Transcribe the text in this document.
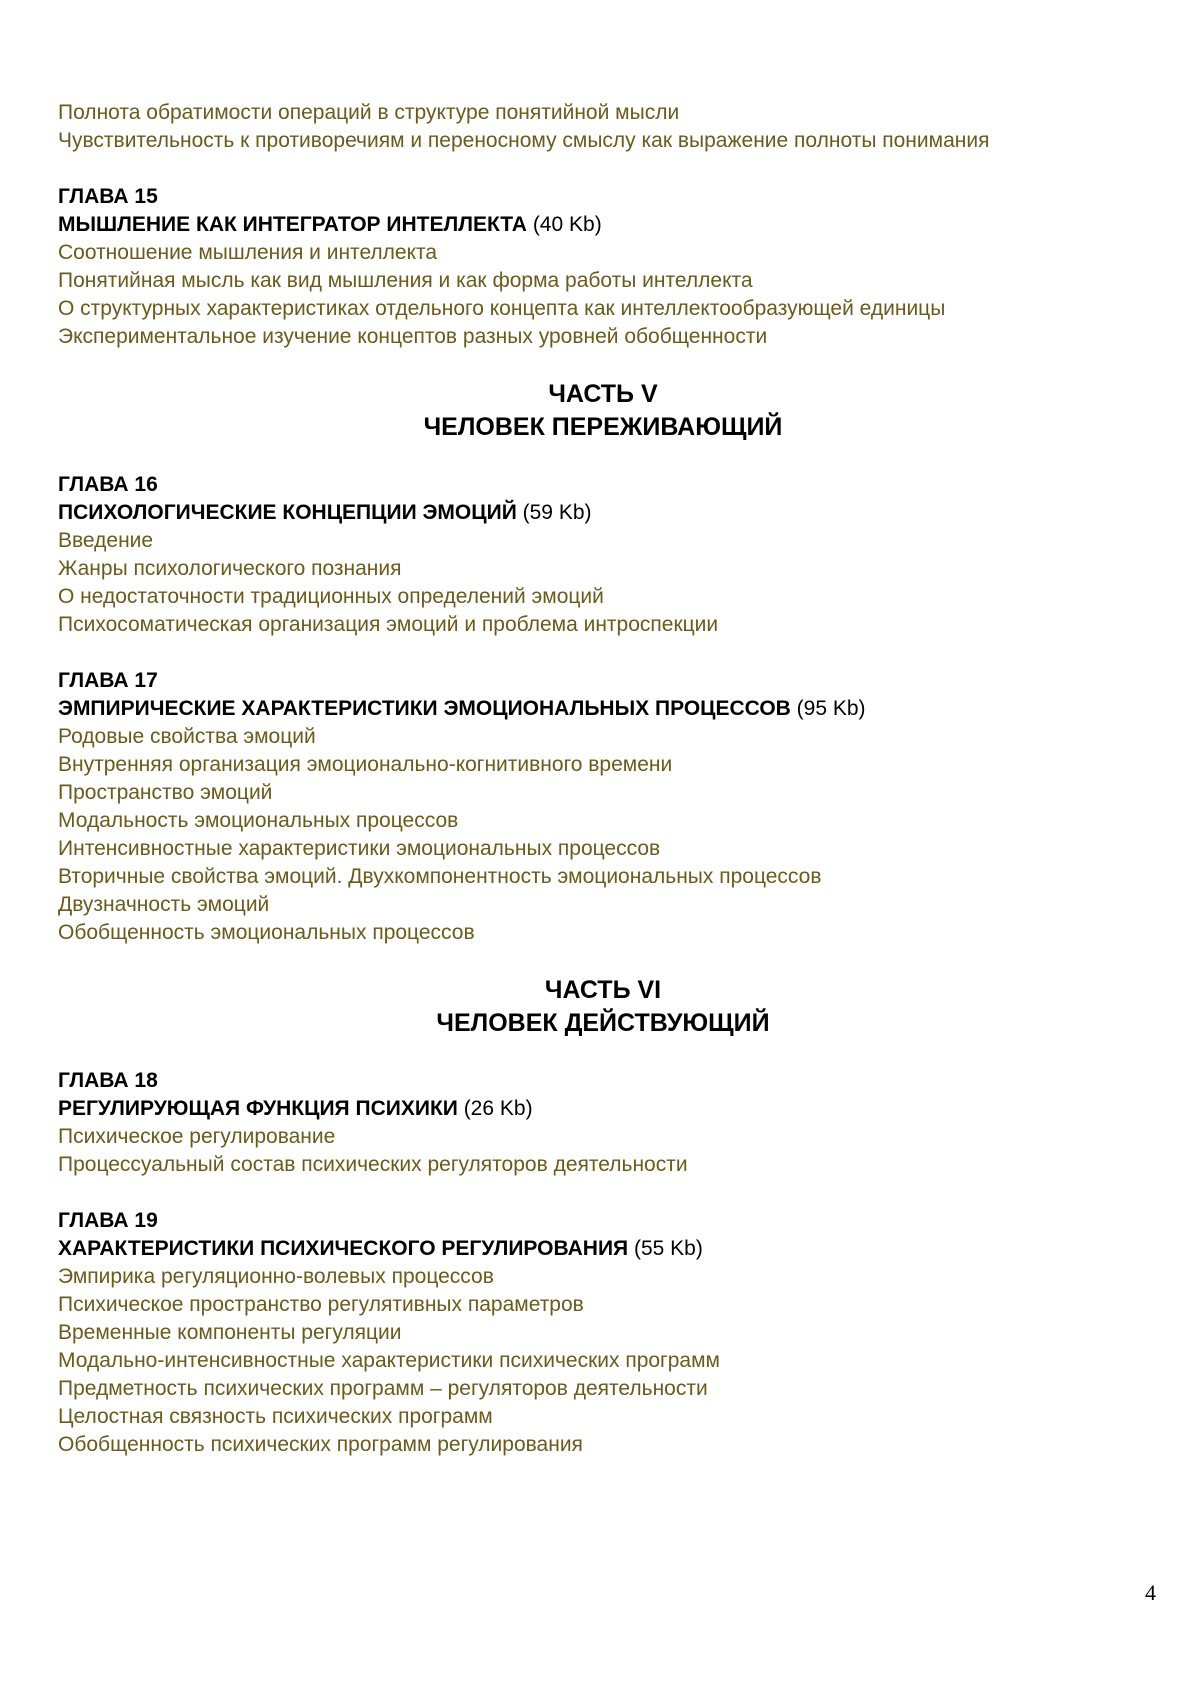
Полнота обратимости операций в структуре понятийной мысли
Чувствительность к противоречиям и переносному смыслу как выражение полноты понимания
ГЛАВА 15
МЫШЛЕНИЕ КАК ИНТЕГРАТОР ИНТЕЛЛЕКТА (40 Kb)
Соотношение мышления и интеллекта
Понятийная мысль как вид мышления и как форма работы интеллекта
О структурных характеристиках отдельного концепта как интеллектообразующей единицы
Экспериментальное изучение концептов разных уровней обобщенности
ЧАСТЬ V
ЧЕЛОВЕК ПЕРЕЖИВАЮЩИЙ
ГЛАВА 16
ПСИХОЛОГИЧЕСКИЕ КОНЦЕПЦИИ ЭМОЦИЙ (59 Kb)
Введение
Жанры психологического познания
О недостаточности традиционных определений эмоций
Психосоматическая организация эмоций и проблема интроспекции
ГЛАВА 17
ЭМПИРИЧЕСКИЕ ХАРАКТЕРИСТИКИ ЭМОЦИОНАЛЬНЫХ ПРОЦЕССОВ (95 Kb)
Родовые свойства эмоций
Внутренняя организация эмоционально-когнитивного времени
Пространство эмоций
Модальность эмоциональных процессов
Интенсивностные характеристики эмоциональных процессов
Вторичные свойства эмоций. Двухкомпонентность эмоциональных процессов
Двузначность эмоций
Обобщенность эмоциональных процессов
ЧАСТЬ VI
ЧЕЛОВЕК ДЕЙСТВУЮЩИЙ
ГЛАВА 18
РЕГУЛИРУЮЩАЯ ФУНКЦИЯ ПСИХИКИ (26 Kb)
Психическое регулирование
Процессуальный состав психических регуляторов деятельности
ГЛАВА 19
ХАРАКТЕРИСТИКИ ПСИХИЧЕСКОГО РЕГУЛИРОВАНИЯ (55 Kb)
Эмпирика регуляционно-волевых процессов
Психическое пространство регулятивных параметров
Временные компоненты регуляции
Модально-интенсивностные характеристики психических программ
Предметность психических программ – регуляторов деятельности
Целостная связность психических программ
Обобщенность психических программ регулирования
4
